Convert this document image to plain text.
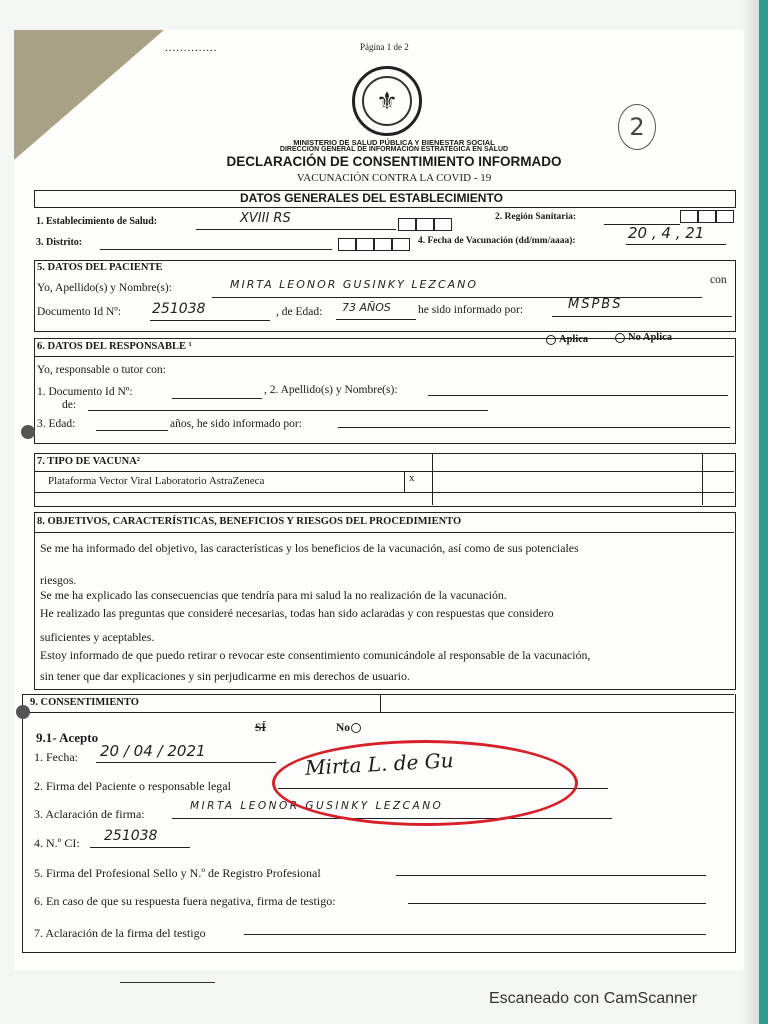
..............	Página 1 de 2
⚜
2
MINISTERIO DE SALUD PÚBLICA Y BIENESTAR SOCIAL
DIRECCIÓN GENERAL DE INFORMACIÓN ESTRATÉGICA EN SALUD
DECLARACIÓN DE CONSENTIMIENTO INFORMADO
VACUNACIÓN CONTRA LA COVID - 19
DATOS GENERALES DEL ESTABLECIMIENTO
1. Establecimiento de Salud:	XVIII RS	2. Región Sanitaria:
3. Distrito:	4. Fecha de Vacunación (dd/mm/aaaa):	20 , 4 , 21
5. DATOS DEL PACIENTE
Yo, Apellido(s) y Nombre(s):	MIRTA LEONOR GUSINKY LEZCANO	con
Documento Id Nº: 251038	, de Edad: 73 AÑOS he sido informado por:	MSPBS
6. DATOS DEL RESPONSABLE ¹
Aplica	No Aplica
Yo, responsable o tutor con:
1. Documento Id Nº:	, 2. Apellido(s) y Nombre(s):
de:
3. Edad:	años, he sido informado por:
7. TIPO DE VACUNA²
Plataforma Vector Viral Laboratorio AstraZeneca	x
8. OBJETIVOS, CARACTERÍSTICAS, BENEFICIOS Y RIESGOS DEL PROCEDIMIENTO
Se me ha informado del objetivo, las características y los beneficios de la vacunación, así como de sus potenciales
riesgos.
Se me ha explicado las consecuencias que tendría para mi salud la no realización de la vacunación.
He realizado las preguntas que consideré necesarias, todas han sido aclaradas y con respuestas que considero
suficientes y aceptables.
Estoy informado de que puedo retirar o revocar este consentimiento comunicándole al responsable de la vacunación,
sin tener que dar explicaciones y sin perjudicarme en mis derechos de usuario.
9. CONSENTIMIENTO
9.1- Acepto
SÍ	No
1. Fecha: 20 / 04 / 2021
2. Firma del Paciente o responsable legal
Mirta L. de Gu
3. Aclaración de firma:
MIRTA LEONOR GUSINKY LEZCANO
4. N.º CI: 251038
5. Firma del Profesional Sello y N.º de Registro Profesional
6. En caso de que su respuesta fuera negativa, firma de testigo:
7. Aclaración de la firma del testigo
Escaneado con CamScanner
